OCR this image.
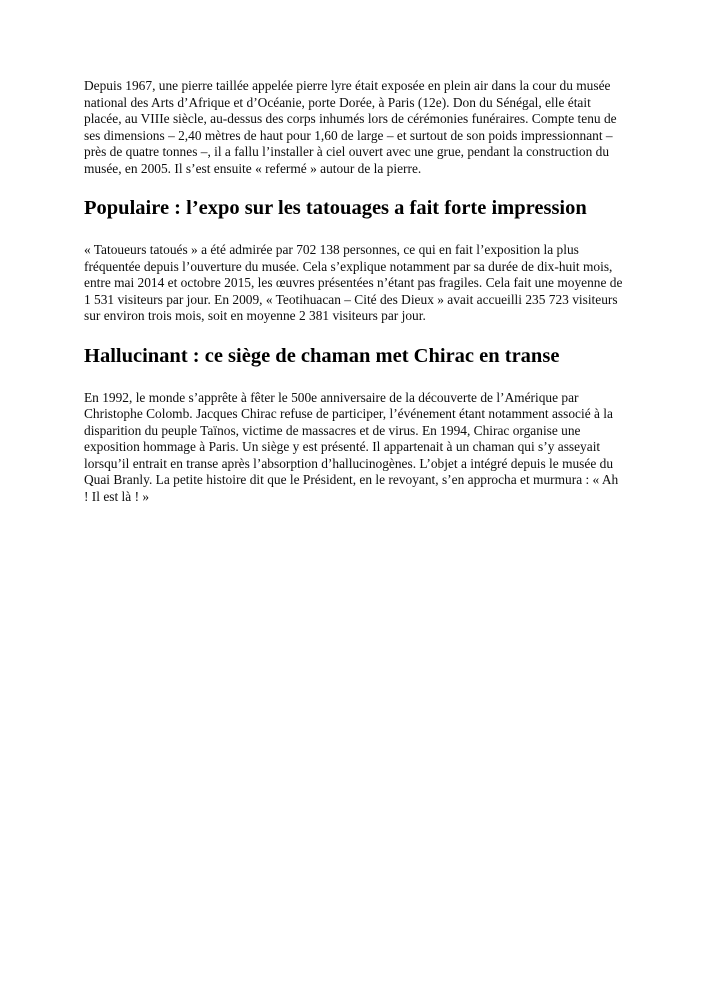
Depuis 1967, une pierre taillée appelée pierre lyre était exposée en plein air dans la cour du musée national des Arts d’Afrique et d’Océanie, porte Dorée, à Paris (12e). Don du Sénégal, elle était placée, au VIIIe siècle, au-dessus des corps inhumés lors de cérémonies funéraires. Compte tenu de ses dimensions – 2,40 mètres de haut pour 1,60 de large – et surtout de son poids impressionnant – près de quatre tonnes –, il a fallu l’installer à ciel ouvert avec une grue, pendant la construction du musée, en 2005. Il s’est ensuite « refermé » autour de la pierre.

Populaire : l’expo sur les tatouages a fait forte impression

« Tatoueurs tatoués » a été admirée par 702 138 personnes, ce qui en fait l’exposition la plus fréquentée depuis l’ouverture du musée. Cela s’explique notamment par sa durée de dix-huit mois, entre mai 2014 et octobre 2015, les œuvres présentées n’étant pas fragiles. Cela fait une moyenne de 1 531 visiteurs par jour. En 2009, « Teotihuacan – Cité des Dieux » avait accueilli 235 723 visiteurs sur environ trois mois, soit en moyenne 2 381 visiteurs par jour.

Hallucinant : ce siège de chaman met Chirac en transe

En 1992, le monde s’apprête à fêter le 500e anniversaire de la découverte de l’Amérique par Christophe Colomb. Jacques Chirac refuse de participer, l’événement étant notamment associé à la disparition du peuple Taïnos, victime de massacres et de virus. En 1994, Chirac organise une exposition hommage à Paris. Un siège y est présenté. Il appartenait à un chaman qui s’y asseyait lorsqu’il entrait en transe après l’absorption d’hallucinogènes. L’objet a intégré depuis le musée du Quai Branly. La petite histoire dit que le Président, en le revoyant, s’en approcha et murmura : « Ah ! Il est là ! »
